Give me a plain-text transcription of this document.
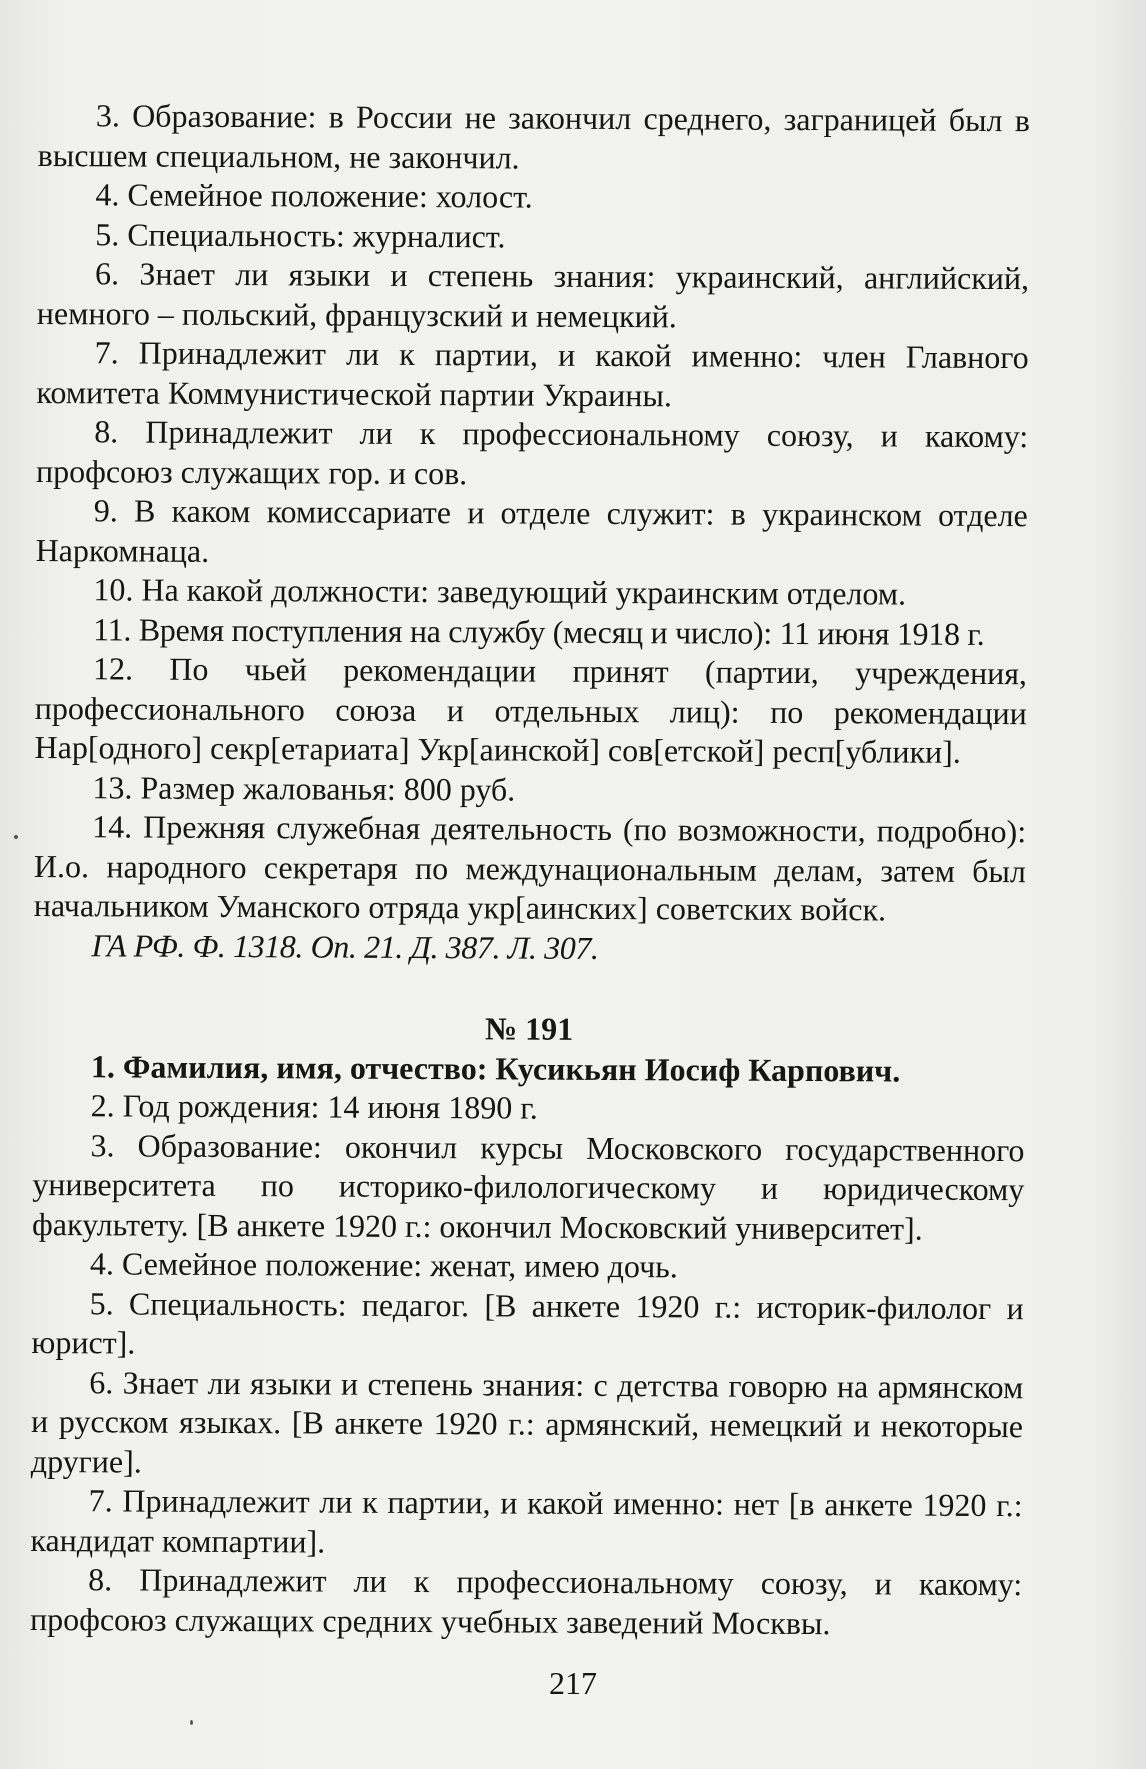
3. Образование: в России не закончил среднего, заграницей был в высшем специальном, не закончил.

4. Семейное положение: холост.

5. Специальность: журналист.

6. Знает ли языки и степень знания: украинский, английский, немного – польский, французский и немецкий.

7. Принадлежит ли к партии, и какой именно: член Главного комитета Коммунистической партии Украины.

8. Принадлежит ли к профессиональному союзу, и какому: профсоюз служащих гор. и сов.

9. В каком комиссариате и отделе служит: в украинском отделе Наркомнаца.

10. На какой должности: заведующий украинским отделом.

11. Время поступления на службу (месяц и число): 11 июня 1918 г.

12. По чьей рекомендации принят (партии, учреждения, профессионального союза и отдельных лиц): по рекомендации Нар[одного] секр[етариата] Укр[аинской] сов[етской] респ[ублики].

13. Размер жалованья: 800 руб.

14. Прежняя служебная деятельность (по возможности, подробно): И.о. народного секретаря по междунациональным делам, затем был начальником Уманского отряда укр[аинских] советских войск.

ГА РФ. Ф. 1318. Оп. 21. Д. 387. Л. 307.

№ 191

1. Фамилия, имя, отчество: Кусикьян Иосиф Карпович.

2. Год рождения: 14 июня 1890 г.

3. Образование: окончил курсы Московского государственного университета по историко-филологическому и юридическому факультету. [В анкете 1920 г.: окончил Московский университет].

4. Семейное положение: женат, имею дочь.

5. Специальность: педагог. [В анкете 1920 г.: историк-филолог и юрист].

6. Знает ли языки и степень знания: с детства говорю на армянском и русском языках. [В анкете 1920 г.: армянский, немецкий и некоторые другие].

7. Принадлежит ли к партии, и какой именно: нет [в анкете 1920 г.: кандидат компартии].

8. Принадлежит ли к профессиональному союзу, и какому: профсоюз служащих средних учебных заведений Москвы.

217
